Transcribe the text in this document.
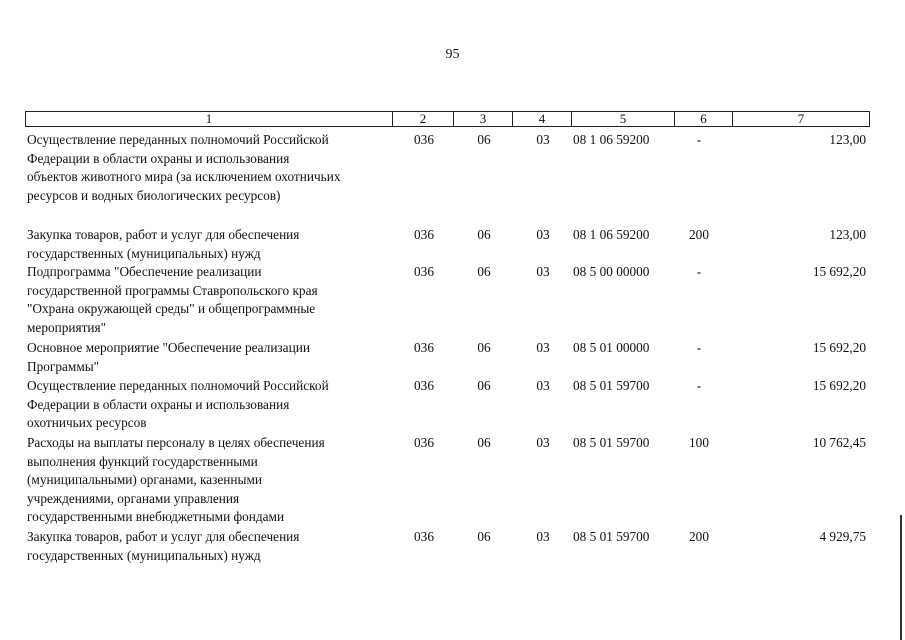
95
1	2	3	4	5	6	7
Осуществление переданных полномочий Российской
Федерации в области охраны и использования
объектов животного мира (за исключением охотничьих
ресурсов и водных биологических ресурсов)
036	06	03	08 1 06 59200	-	123,00
Закупка товаров, работ и услуг для обеспечения
государственных (муниципальных) нужд
036	06	03	08 1 06 59200	200	123,00
Подпрограмма "Обеспечение реализации
государственной программы Ставропольского края
"Охрана окружающей среды" и общепрограммные
мероприятия"
036	06	03	08 5 00 00000	-	15 692,20
Основное мероприятие "Обеспечение реализации
Программы"
036	06	03	08 5 01 00000	-	15 692,20
Осуществление переданных полномочий Российской
Федерации в области охраны и использования
охотничьих ресурсов
036	06	03	08 5 01 59700	-	15 692,20
Расходы на выплаты персоналу в целях обеспечения
выполнения функций государственными
(муниципальными) органами, казенными
учреждениями, органами управления
государственными внебюджетными фондами
036	06	03	08 5 01 59700	100	10 762,45
Закупка товаров, работ и услуг для обеспечения
государственных (муниципальных) нужд
036	06	03	08 5 01 59700	200	4 929,75
